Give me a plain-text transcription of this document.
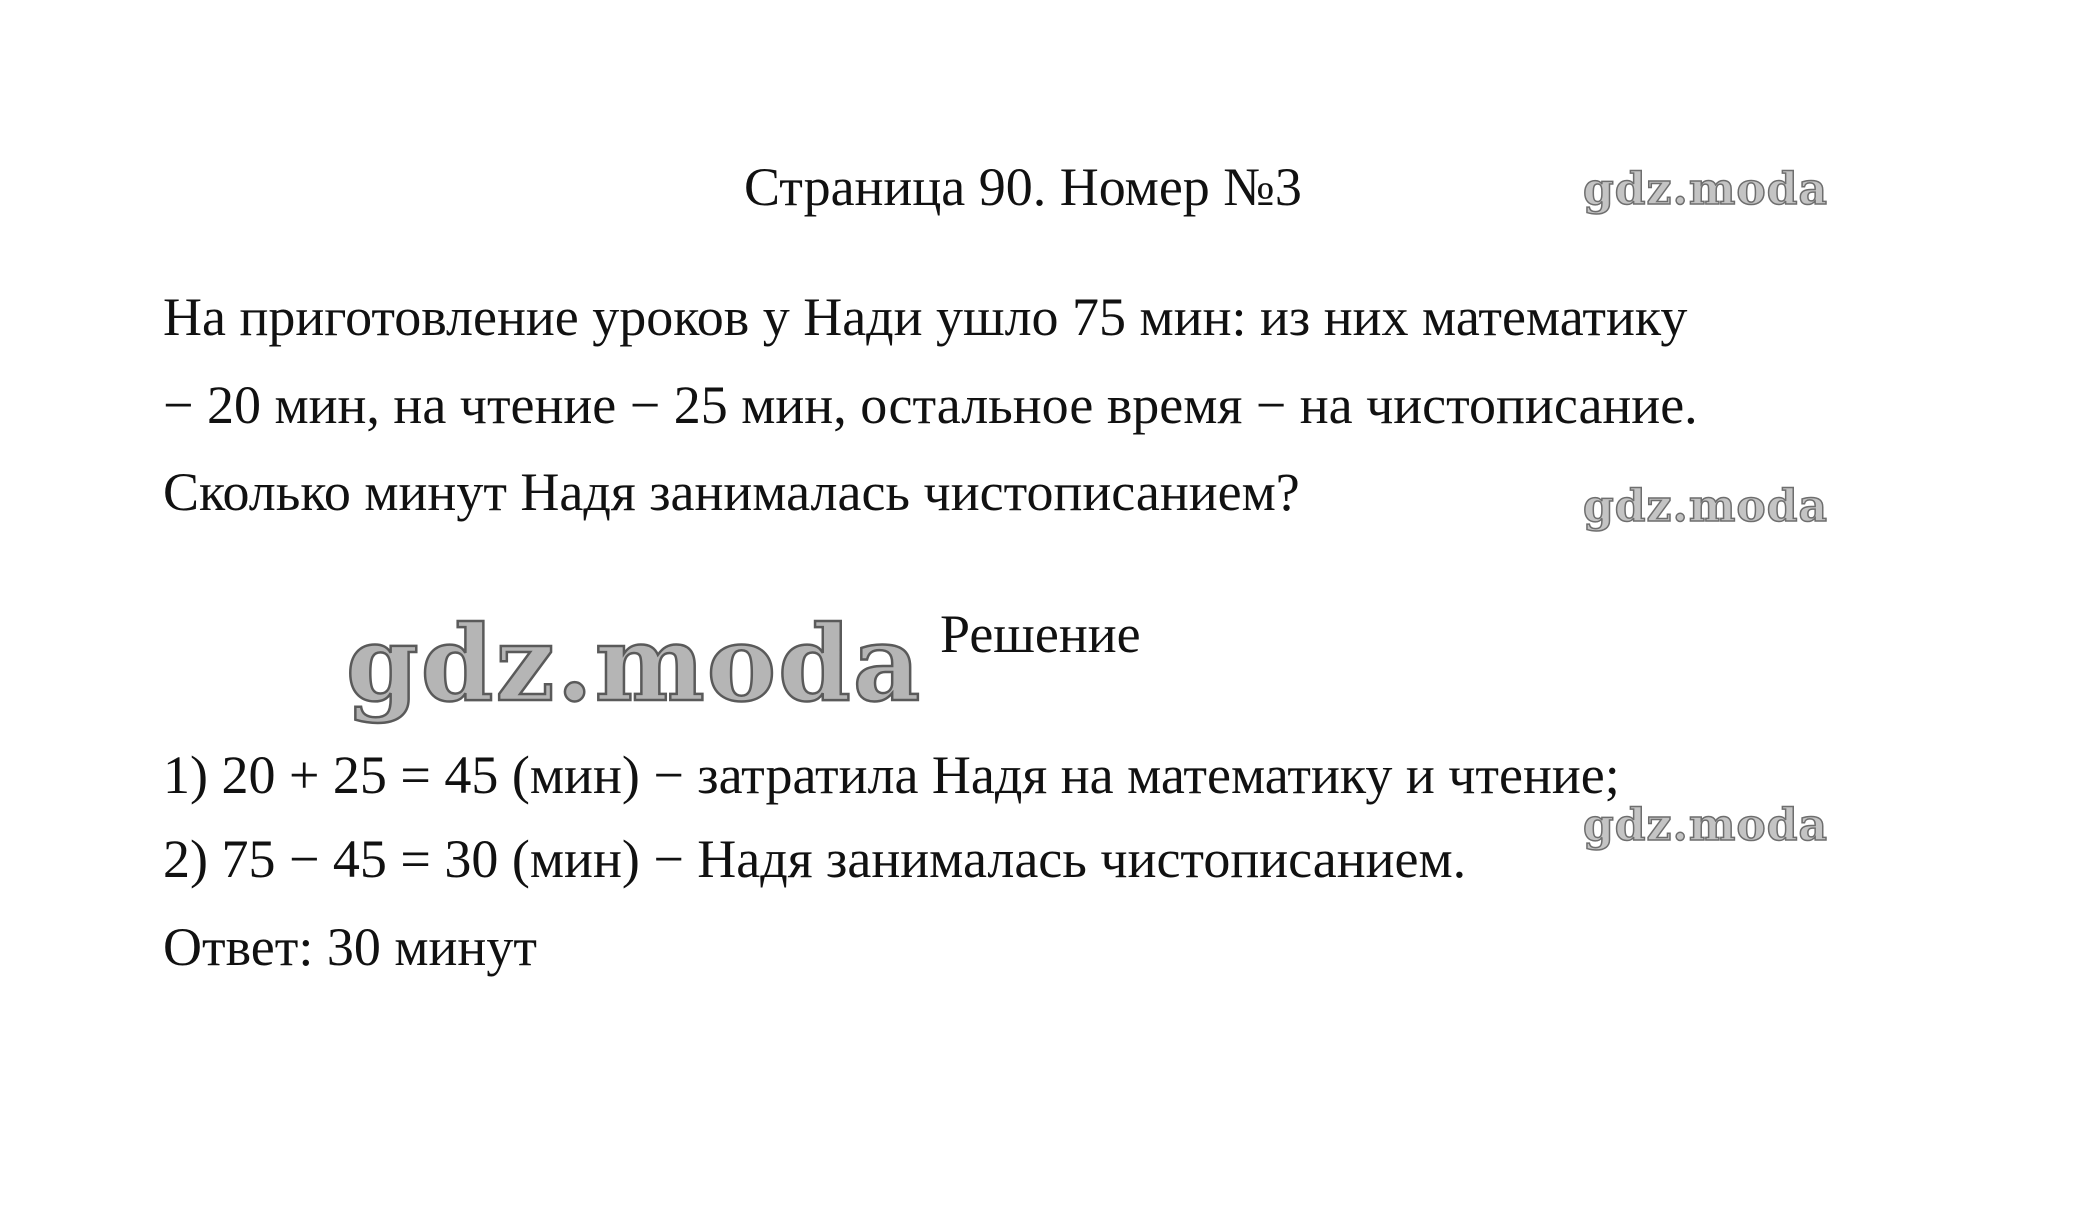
Страница 90. Номер №3	gdz.moda
На приготовление уроков у Нади ушло 75 мин: из них математику
− 20 мин, на чтение − 25 мин, остальное время − на чистописание.
Сколько минут Надя занималась чистописанием?	gdz.moda
gdz.moda Решение
1) 20 + 25 = 45 (мин) − затратила Надя на математику и чтение;
gdz.moda
2) 75 − 45 = 30 (мин) − Надя занималась чистописанием.
Ответ: 30 минут
